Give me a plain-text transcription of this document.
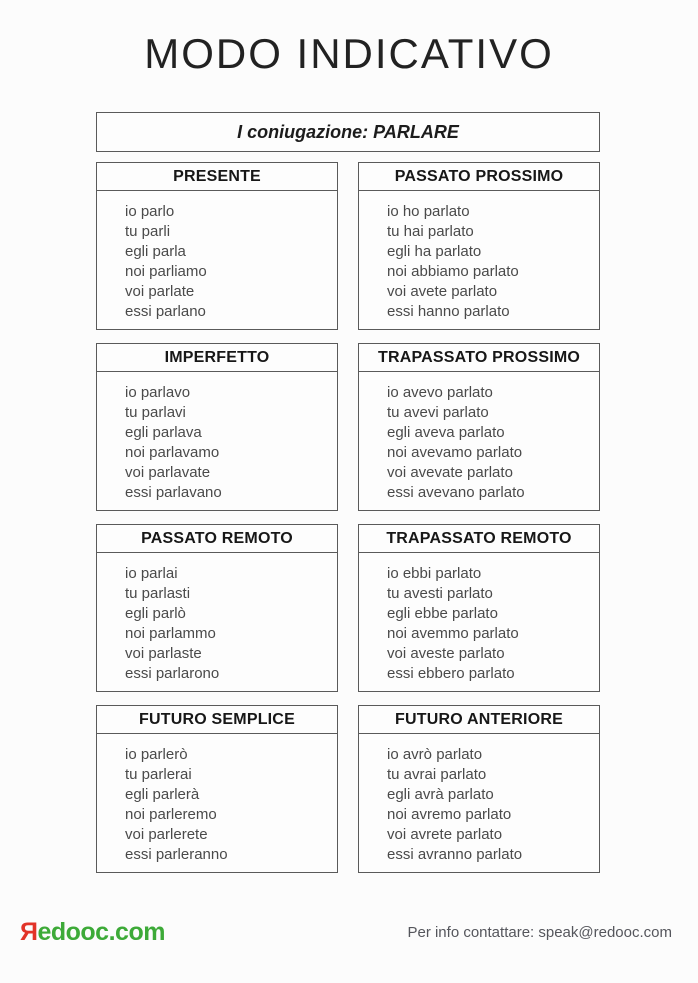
MODO INDICATIVO
I coniugazione: PARLARE
PRESENTE
io parlo
tu parli
egli parla
noi parliamo
voi parlate
essi parlano
PASSATO PROSSIMO
io ho parlato
tu hai parlato
egli ha parlato
noi abbiamo parlato
voi avete parlato
essi hanno parlato
IMPERFETTO
io parlavo
tu parlavi
egli parlava
noi parlavamo
voi parlavate
essi parlavano
TRAPASSATO PROSSIMO
io avevo parlato
tu avevi parlato
egli aveva parlato
noi avevamo parlato
voi avevate parlato
essi avevano parlato
PASSATO REMOTO
io parlai
tu parlasti
egli parlò
noi parlammo
voi parlaste
essi parlarono
TRAPASSATO REMOTO
io ebbi parlato
tu avesti parlato
egli ebbe parlato
noi avemmo parlato
voi aveste parlato
essi ebbero parlato
FUTURO SEMPLICE
io parlerò
tu parlerai
egli parlerà
noi parleremo
voi parlerete
essi parleranno
FUTURO ANTERIORE
io avrò parlato
tu avrai parlato
egli avrà parlato
noi avremo parlato
voi avrete parlato
essi avranno parlato
Яedooc.com	Per info contattare: speak@redooc.com
